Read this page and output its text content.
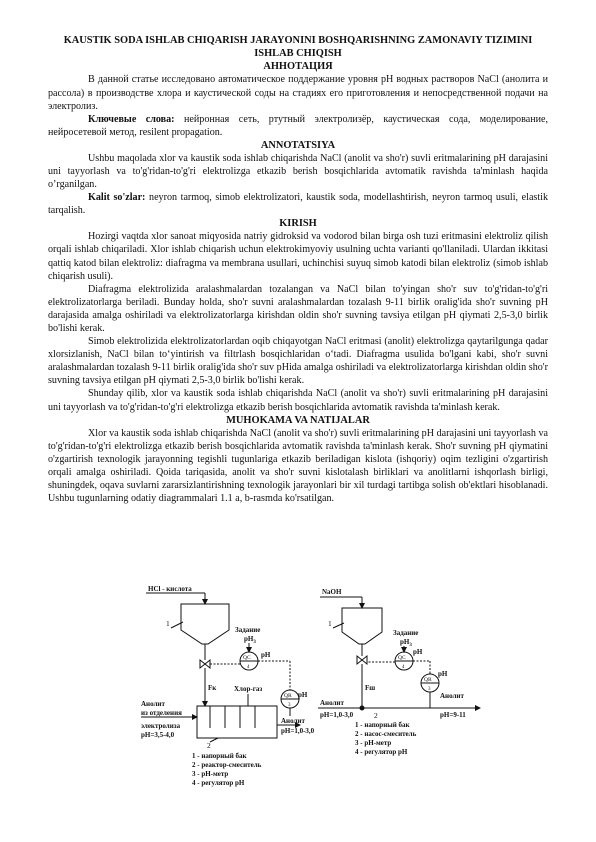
KAUSTIK SODA ISHLAB CHIQARISH JARAYONINI BOSHQARISHNING ZAMONAVIY TIZIMINI ISHLAB CHIQISH
АННОТАЦИЯ

В данной статье исследовано автоматическое поддержание уровня pH водных растворов NaCl (анолита и рассола) в производстве хлора и каустической соды на стадиях его приготовления и непосредственной подачи на электролиз.

Ключевые слова: нейронная сеть, ртутный электролизёр, каустическая сода, моделирование, нейросетевой метод, resilent propagation.

ANNOTATSIYA

Ushbu maqolada xlor va kaustik soda ishlab chiqarishda NaCl (anolit va sho'r) suvli eritmalarining pH darajasini uni tayyorlash va to'g'ridan-to'g'ri elektrolizga etkazib berish bosqichlarida avtomatik ravishda ta'minlash haqida o’rganilgan.

Kalit so'zlar: neyron tarmoq, simob elektrolizatori, kaustik soda, modellashtirish, neyron tarmoq usuli, elastik tarqalish.

KIRISH

Hozirgi vaqtda xlor sanoat miqyosida natriy gidroksid va vodorod bilan birga osh tuzi eritmasini elektroliz qilish orqali ishlab chiqariladi. Xlor ishlab chiqarish uchun elektrokimyoviy usulning uchta varianti qo'llaniladi. Ulardan ikkitasi qattiq katod bilan elektroliz: diafragma va membrana usullari, uchinchisi suyuq simob katodi bilan elektroliz (simob ishlab chiqarish usuli).

Diafragma elektrolizida aralashmalardan tozalangan va NaCl bilan to'yingan sho'r suv to'g'ridan-to'g'ri elektrolizatorlarga beriladi. Bunday holda, sho'r suvni aralashmalardan tozalash 9-11 birlik oralig'ida sho'r suvning pH darajasida amalga oshiriladi va elektrolizatorlarga kirishdan oldin sho'r suvning tavsiya etilgan pH qiymati 2,5-3,0 birlik bo'lishi kerak.

Simob elektrolizida elektrolizatorlardan oqib chiqayotgan NaCl eritmasi (anolit) elektrolizga qaytarilgunga qadar xlorsizlanish, NaCl bilan to‘yintirish va filtrlash bosqichlaridan o‘tadi. Diafragma usulida bo'lgani kabi, sho'r suvni aralashmalardan tozalash 9-11 birlik oralig'ida sho'r suv pHida amalga oshiriladi va elektrolizatorlarga kirishdan oldin sho'r suvning tavsiya etilgan pH qiymati 2,5-3,0 birlik bo'lishi kerak.

Shunday qilib, xlor va kaustik soda ishlab chiqarishda NaCl (anolit va sho'r) suvli eritmalarining pH darajasini uni tayyorlash va to'g'ridan-to'g'ri elektrolizga etkazib berish bosqichlarida avtomatik ravishda ta'minlash kerak.

MUHOKAMA VA NATIJALAR

Xlor va kaustik soda ishlab chiqarishda NaCl (anolit va sho'r) suvli eritmalarining pH darajasini uni tayyorlash va to'g'ridan-to'g'ri elektrolizga etkazib berish bosqichlarida avtomatik ravishda ta'minlash kerak. Sho'r suvning pH qiymatini o'zgartirish texnologik jarayonning tegishli tugunlariga etkazib beriladigan kislota (ishqoriy) oqim tezligini o'zgartirish orqali amalga oshiriladi. Qoida tariqasida, anolit va sho'r suvni kislotalash birliklari va anolitlarni ishqorlash birligi, shuningdek, oqava suvlarni zararsizlantirishning texnologik jarayonlari bir xil turdagi tartibga solish ob'ektlari hisoblanadi. Ushbu tugunlarning odatiy diagrammalari 1.1 a, b-rasmda ko'rsatilgan.

HCl - кислота
1
Fк
Задание
$pH_3$
QC
4
pH
Хлор-газ
pH
QR
3
2
Анолит
из отделения
электролиза
pH=3,5-4,0
Анолит
pH=1,0-3,0
1 - напорный бак
2 - реактор-смеситель
3 - pH-метр
4 - регулятор pH
NaOH
1
Fш
Задание
$pH_3$
QC
4
pH
pH
QR
3
2
Анолит
pH=1,0-3,0
Анолит
pH=9-11
1 - напорный бак
2 - насос-смеситель
3 - pH-метр
4 - регулятор pH
